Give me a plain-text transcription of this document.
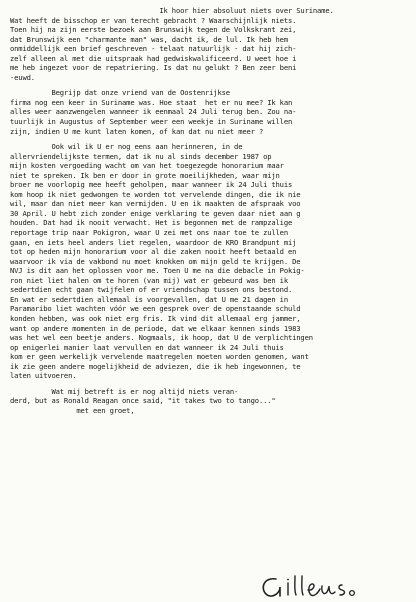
Ik hoor hier absoluut niets over Suriname.
Wat heeft de bisschop er van terecht gebracht ? Waarschijnlijk niets.
Toen hij na zijn eerste bezoek aan Brunswijk tegen de Volkskrant zei,
dat Brunswijk een "charmante man" was, dacht ik, de lul. Ik heb hem
onmiddellijk een brief geschreven - telaat natuurlijk - dat hij zich-
zelf alleen al met die uitspraak had gedwiskwalificeerd. U weet hoe i
me heb ingezet voor de repatriering. Is dat nu gelukt ? Ben zeer beni
-euwd.
Begrijp dat onze vriend van de Oostenrijkse
firma nog een keer in Suriname was. Hoe staat  het er nu mee? Ik kan
alles weer aanzwengelen wanneer ik eenmaal 24 Juli terug ben. Zou na-
tuurlijk in Augustus of September weer een weekje in Suriname willen
zijn, indien U me kunt laten komen, of kan dat nu niet meer ?
Ook wil ik U er nog eens aan herinneren, in de
allervriendelijkste termen, dat ik nu al sinds december 1987 op
mijn kosten vergoeding wacht om van het toegezegde honorarium maar
niet te spreken. Ik ben er door in grote moeilijkheden, waar mijn
broer me voorlopig mee heeft geholpen, maar wanneer ik 24 Juli thuis
kom hoop ik niet gedwongen te worden tot vervelende dingen, die ik nie
wil, maar dan niet meer kan vermijden. U en ik maakten de afspraak voo
30 April. U hebt zich zonder enige verklaring te geven daar niet aan g
houden. Dat had ik nooit verwacht. Het is begonnen met de rampzalige
reportage trip naar Pokigron, waar U zei met ons naar toe te zullen
gaan, en iets heel anders liet regelen, waardoor de KRO Brandpunt mij
tot op heden mijn honorarium voor al die zaken nooit heeft betaald en
waarvoor ik via de vakbond nu moet knokken om mijn geld te krijgen. De
NVJ is dit aan het oplossen voor me. Toen U me na die debacle in Pokig-
ron niet liet halen om te horen (van mij) wat er gebeurd was ben ik
sedertdien echt gaan twijfelen of er vriendschap tussen ons bestond.
En wat er sedertdien allemaal is voorgevallen, dat U me 21 dagen in
Paramaribo liet wachten vóór we een gesprek over de openstaande schuld
konden hebben, was ook niet erg fris. Ik vind dit allemaal erg jammer,
want op andere momenten in de periode, dat we elkaar kennen sinds 1983
was het wel een beetje anders. Nogmaals, ik hoop, dat U de verplichtingen
op enigerlei manier laat vervullen en dat wanneer ik 24 Juli thuis
kom er geen werkelijk vervelende maatregelen moeten worden genomen, want
ik zie geen andere mogelijkheid de adviezen, die ik heb ingewonnen, te
laten uitvoeren.
Wat mij betreft is er nog altijd niets veran-
derd, but as Ronald Reagan once said, "it takes two to tango..."
met een groet,
